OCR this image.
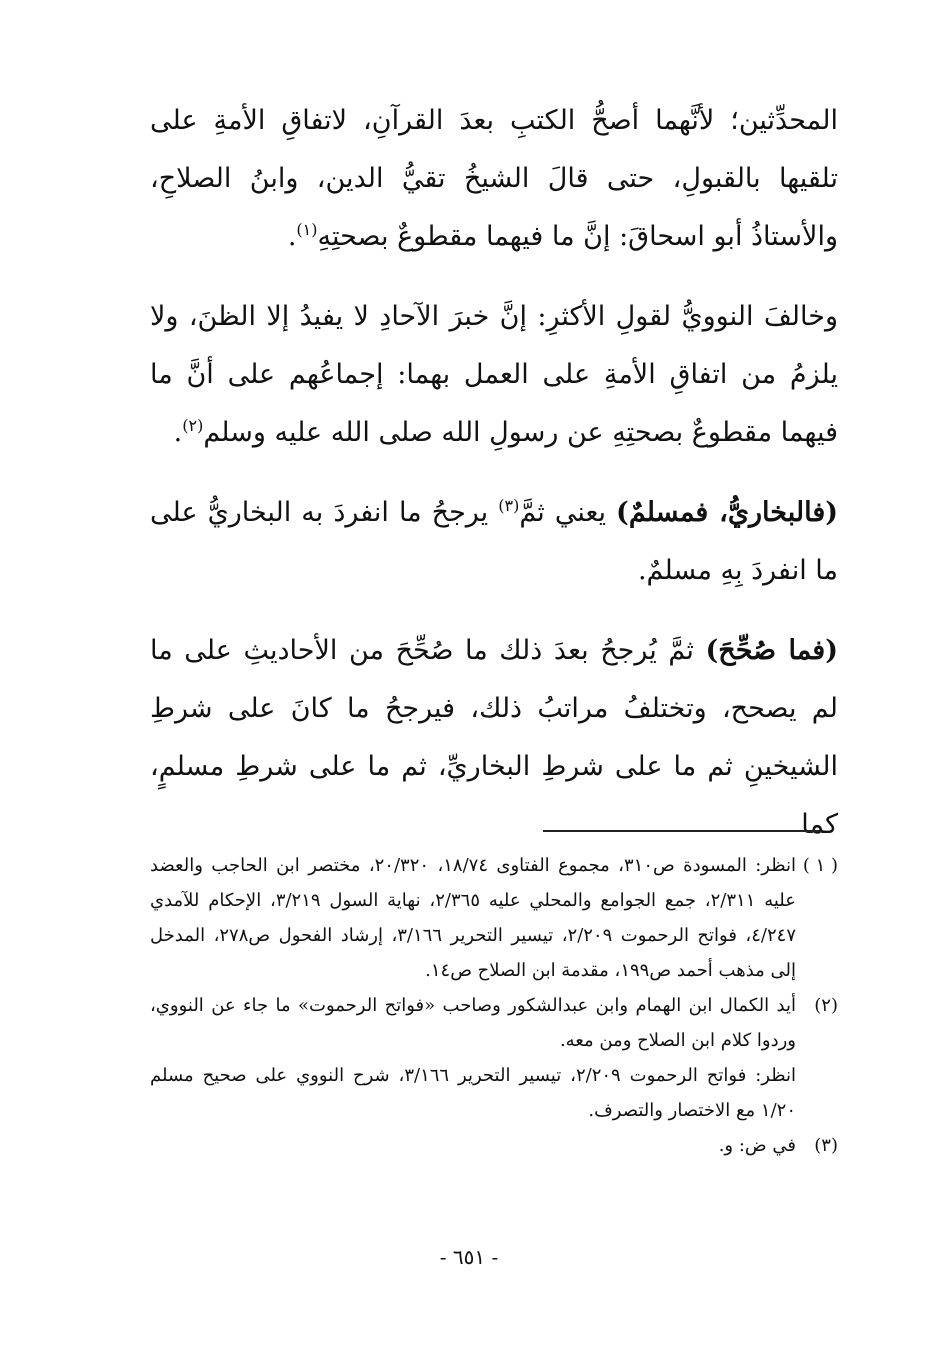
المحدِّثين؛ لأنَّهما أصحُّ الكتبِ بعدَ القرآنِ، لاتفاقِ الأمةِ على تلقيها بالقبولِ، حتى قالَ الشيخُ تقيُّ الدين، وابنُ الصلاحِ، والأستاذُ أبو اسحاقَ: إنَّ ما فيهما مقطوعٌ بصحتِهِ$^{(١)}$.

وخالفَ النوويُّ لقولِ الأكثرِ: إنَّ خبرَ الآحادِ لا يفيدُ إلا الظنَ، ولا يلزمُ من اتفاقِ الأمةِ على العمل بهما: إجماعُهم على أنَّ ما فيهما مقطوعٌ بصحتِهِ عن رسولِ الله صلى الله عليه وسلم$^{(٢)}$.

(فالبخاريُّ، فمسلمٌ) يعني ثمَّ$^{(٣)}$ يرجحُ ما انفردَ به البخاريُّ على ما انفردَ بِهِ مسلمٌ.

(فما صُحِّحَ) ثمَّ يُرجحُ بعدَ ذلك ما صُحِّحَ من الأحاديثِ على ما لم يصحح، وتختلفُ مراتبُ ذلك، فيرجحُ ما كانَ على شرطِ الشيخينِ ثم ما على شرطِ البخاريِّ، ثم ما على شرطِ مسلمٍ، كما

( ١ )

انظر: المسودة ص٣١٠، مجموع الفتاوى ١٨/٧٤، ٢٠/٣٢٠، مختصر ابن الحاجب والعضد عليه ٢/٣١١، جمع الجوامع والمحلي عليه ٢/٣٦٥، نهاية السول ٣/٢١٩، الإحكام للآمدي ٤/٢٤٧، فواتح الرحموت ٢/٢٠٩، تيسير التحرير ٣/١٦٦، إرشاد الفحول ص٢٧٨، المدخل إلى مذهب أحمد ص١٩٩، مقدمة ابن الصلاح ص١٤.

(٢)

أيد الكمال ابن الهمام وابن عبدالشكور وصاحب «فواتح الرحموت» ما جاء عن النووي، وردوا كلام ابن الصلاح ومن معه.

انظر: فواتح الرحموت ٢/٢٠٩، تيسير التحرير ٣/١٦٦، شرح النووي على صحيح مسلم ١/٢٠ مع الاختصار والتصرف.

(٣)

في ض: و.

- ٦٥١ -
